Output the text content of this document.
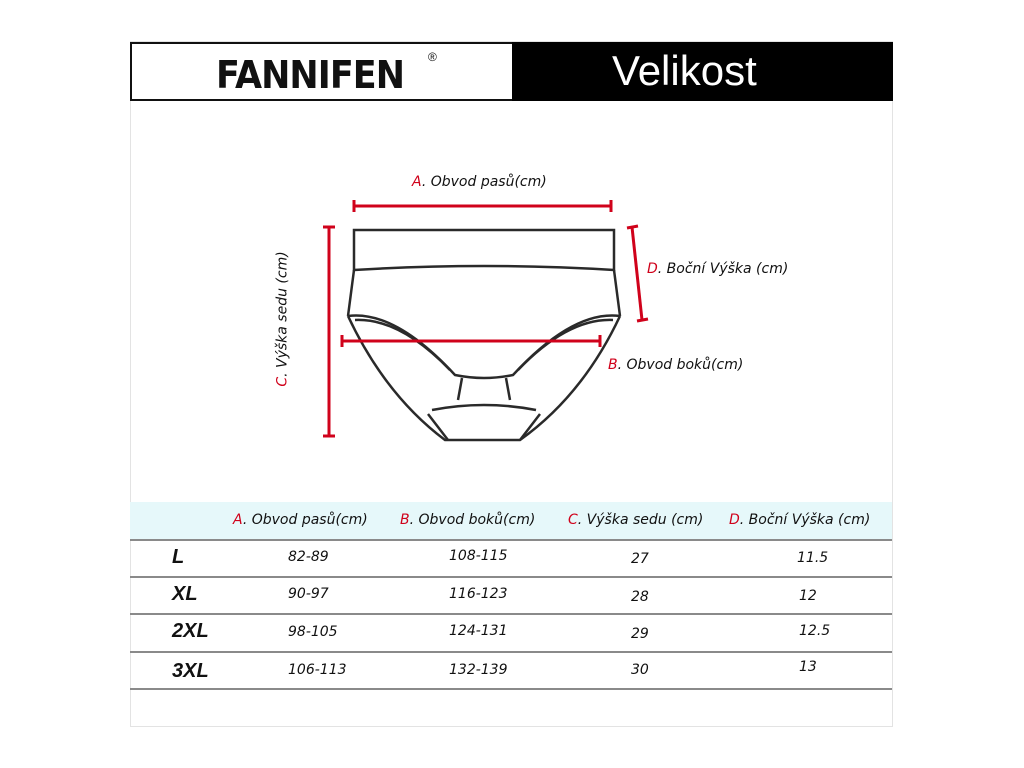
FANNIFEN ®	Velikost
A. Obvod pasů(cm)
D. Boční Výška (cm)
B. Obvod boků(cm)
C. Výška sedu (cm)
A. Obvod pasů(cm) B. Obvod boků(cm) C. Výška sedu (cm) D. Boční Výška (cm)
L	82-89	108-115	27	11.5
XL	90-97	116-123	28	12
2XL	98-105	124-131	29	12.5
3XL	106-113	132-139	30	13
